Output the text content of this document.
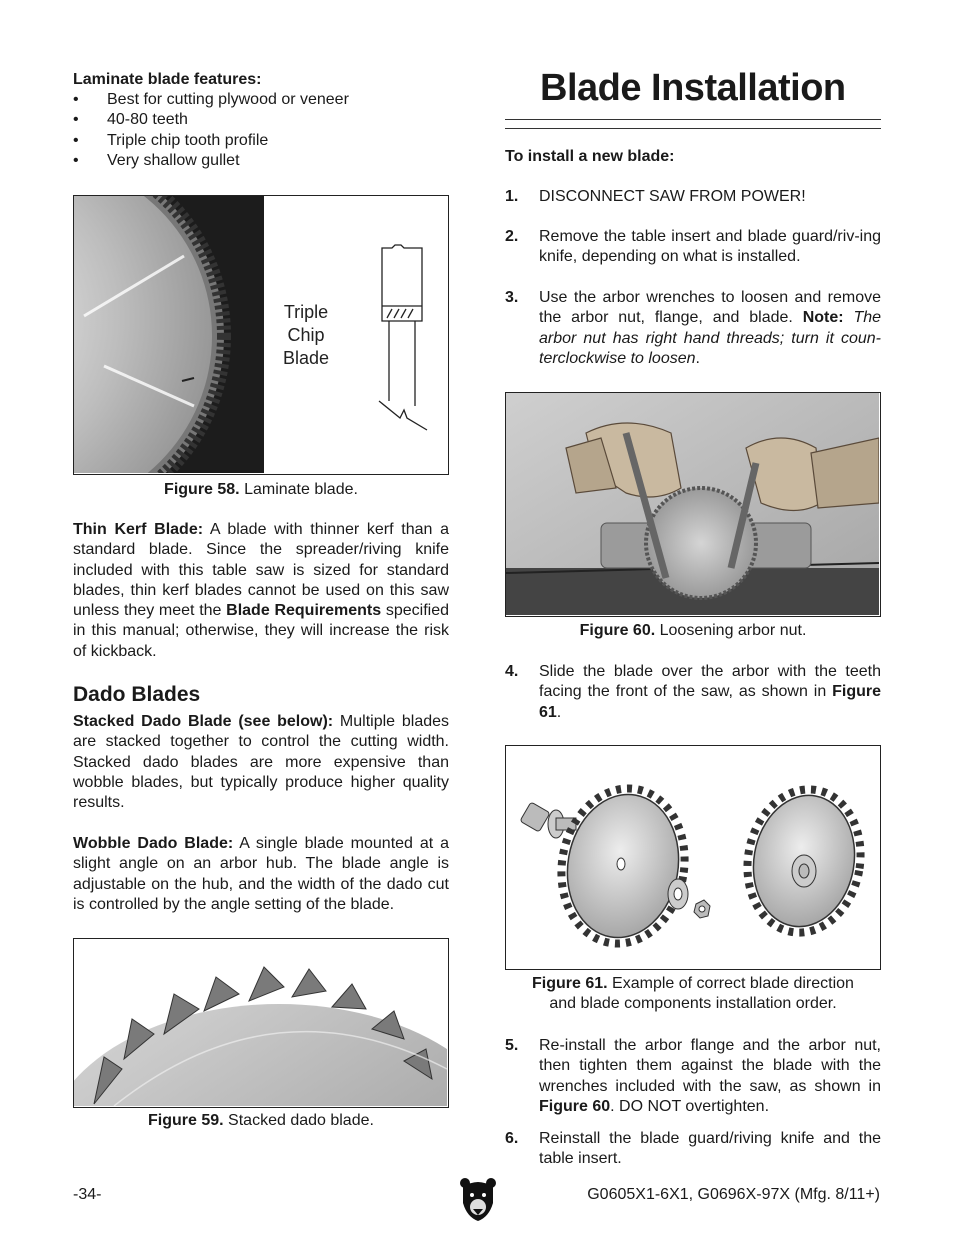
Laminate blade features:
• Best for cutting plywood or veneer
• 40-80 teeth
• Triple chip tooth profile
• Very shallow gullet
Triple
Chip
Blade
Figure 58. Laminate blade.

Thin Kerf Blade: A blade with thinner kerf than a standard blade. Since the spreader/riving knife included with this table saw is sized for standard blades, thin kerf blades cannot be used on this saw unless they meet the Blade Requirements specified in this manual; otherwise, they will increase the risk of kickback.

Dado Blades

Stacked Dado Blade (see below): Multiple blades are stacked together to control the cutting width. Stacked dado blades are more expensive than wobble blades, but typically produce higher quality results.

Wobble Dado Blade: A single blade mounted at a slight angle on an arbor hub. The blade angle is adjustable on the hub, and the width of the dado cut is controlled by the angle setting of the blade.

Figure 59. Stacked dado blade.
Blade Installation
To install a new blade:
1.	DISCONNECT SAW FROM POWER!
2.	Remove the table insert and blade guard/riv-ing knife, depending on what is installed.
3.	Use the arbor wrenches to loosen and remove the arbor nut, flange, and blade. Note: The arbor nut has right hand threads; turn it coun-terclockwise to loosen.
Figure 60. Loosening arbor nut.
4.	Slide the blade over the arbor with the teeth facing the front of the saw, as shown in Figure 61.
Figure 61. Example of correct blade direction
and blade components installation order.
5.	Re-install the arbor flange and the arbor nut, then tighten them against the blade with the wrenches included with the saw, as shown in Figure 60. DO NOT overtighten.
6.	Reinstall the blade guard/riving knife and the table insert.
-34-	G0605X1-6X1, G0696X-97X (Mfg. 8/11+)
